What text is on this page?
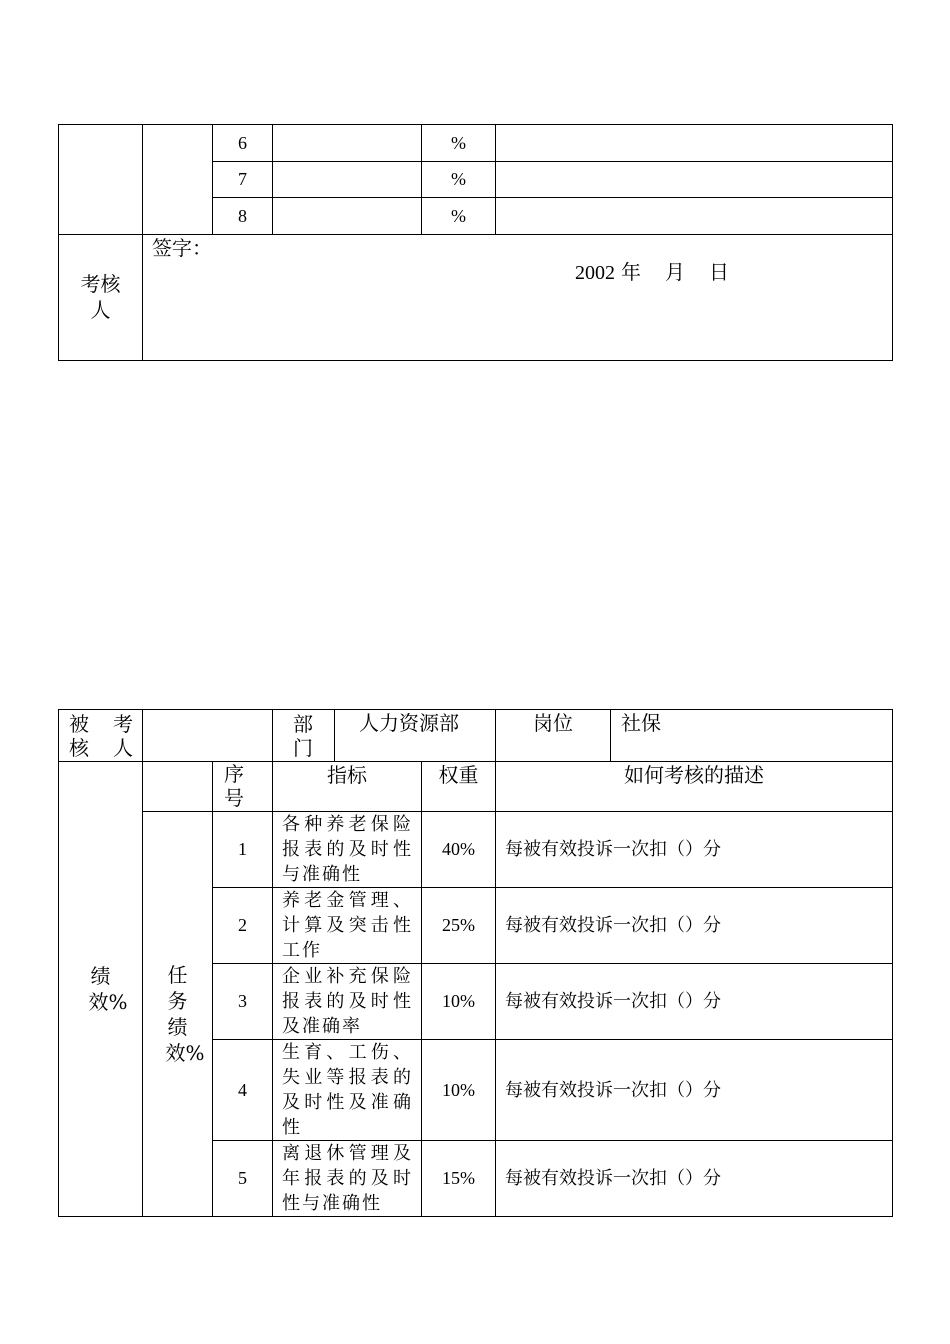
		6		%	
		7		%	
		8		%	
考核人	签字：
2002 年 月 日				
被 考核人			部门	人力资源部		岗位	社保
绩效%		序号	指标		权重	如何考核的描述	
	任务绩效%	1	各种养老保险报表的及时性与准确性		40%	每被有效投诉一次扣（）分	
		2	养老金管理、计算及突击性工作		25%	每被有效投诉一次扣（）分	
		3	企业补充保险报表的及时性及准确率		10%	每被有效投诉一次扣（）分	
		4	生育、工伤、失业等报表的及时性及准确性		10%	每被有效投诉一次扣（）分	
		5	离退休管理及年报表的及时性与准确性		15%	每被有效投诉一次扣（）分	
